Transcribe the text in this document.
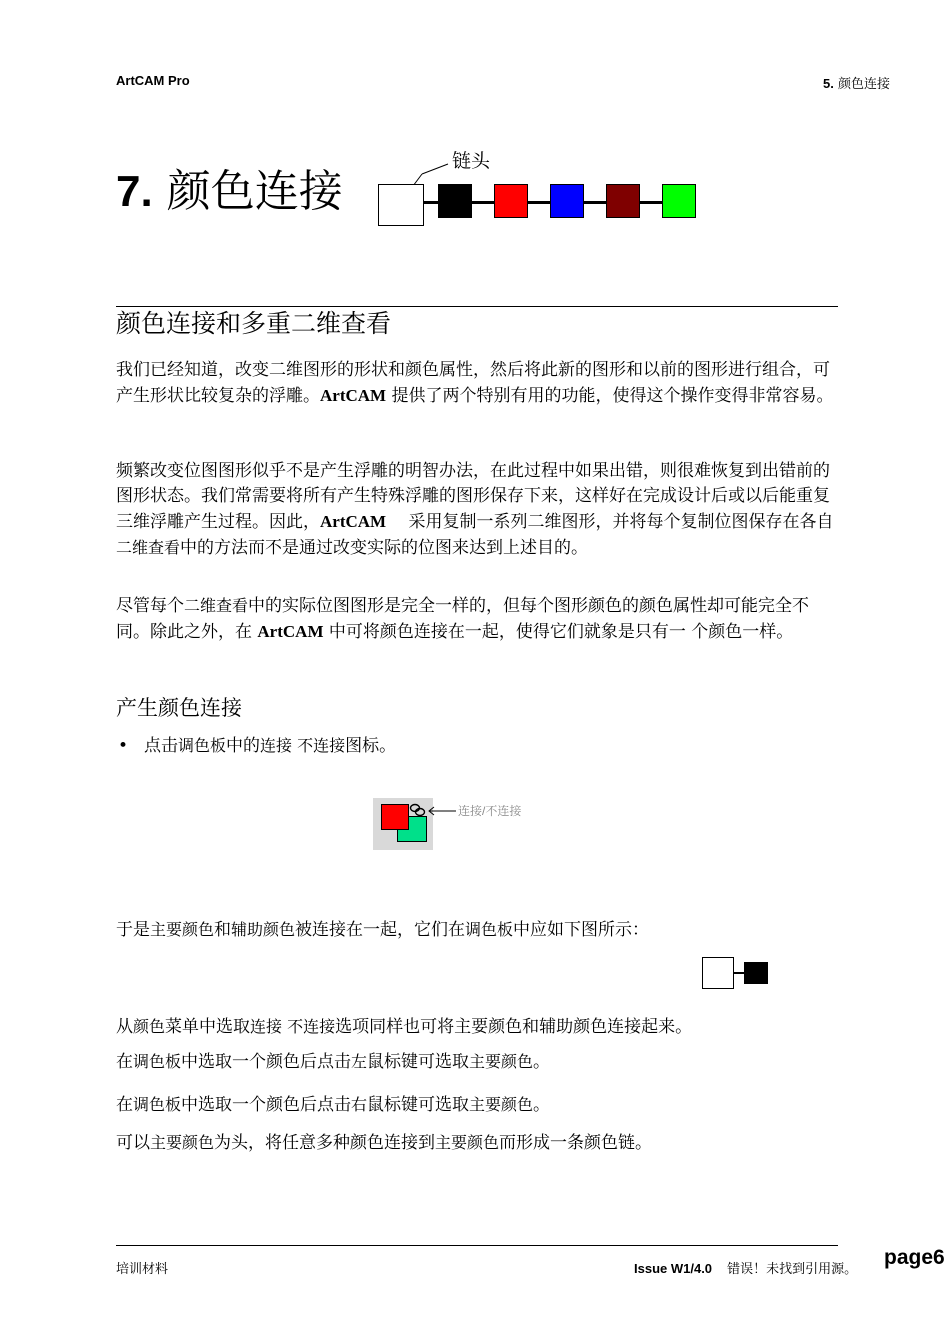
ArtCAM Pro	5. 颜色连接
7. 颜色连接
链头
颜色连接和多重二维查看
我们已经知道，改变二维图形的形状和颜色属性，然后将此新的图形和以前的图形进行组合，可产生形状比较复杂的浮雕。ArtCAM 提供了两个特别有用的功能，使得这个操作变得非常容易。
频繁改变位图图形似乎不是产生浮雕的明智办法，在此过程中如果出错，则很难恢复到出错前的图形状态。我们常需要将所有产生特殊浮雕的图形保存下来，这样好在完成设计后或以后能重复三维浮雕产生过程。因此，ArtCAM　 采用复制一系列二维图形，并将每个复制位图保存在各自二维查看中的方法而不是通过改变实际的位图来达到上述目的。
尽管每个二维查看中的实际位图图形是完全一样的，但每个图形颜色的颜色属性却可能完全不同。除此之外，在 ArtCAM 中可将颜色连接在一起，使得它们就象是只有一 个颜色一样。
产生颜色连接
• 点击调色板中的连接 不连接图标。
连接/不连接
于是主要颜色和辅助颜色被连接在一起，它们在调色板中应如下图所示：
从颜色菜单中选取连接 不连接选项同样也可将主要颜色和辅助颜色连接起来。
在调色板中选取一个颜色后点击左鼠标键可选取主要颜色。
在调色板中选取一个颜色后点击右鼠标键可选取主要颜色。
可以主要颜色为头，将任意多种颜色连接到主要颜色而形成一条颜色链。
培训材料	Issue W1/4.0 错误！未找到引用源。
page6
